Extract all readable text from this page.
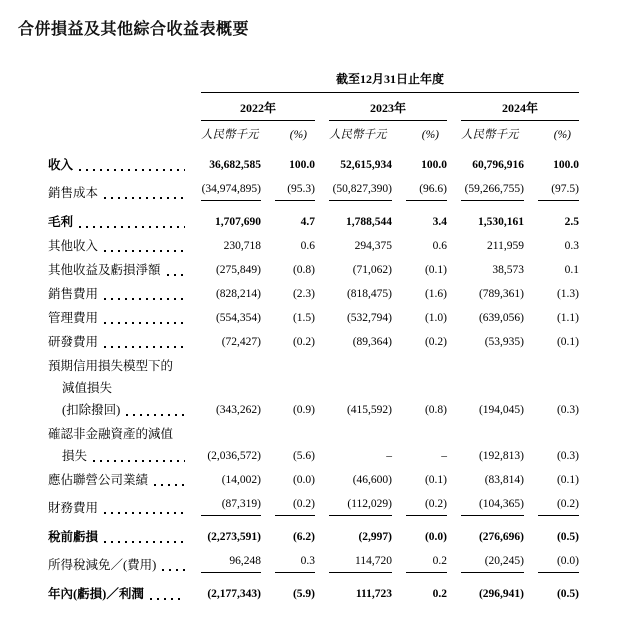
合併損益及其他綜合收益表概要
截至12月31日止年度
2022年	2023年	2024年
人民幣千元	(%)	人民幣千元	(%)	人民幣千元	(%)
收入	36,682,585	100.0	52,615,934	100.0	60,796,916	100.0
銷售成本	(34,974,895)	(95.3)	(50,827,390)	(96.6)	(59,266,755)	(97.5)
毛利	1,707,690	4.7	1,788,544	3.4	1,530,161	2.5
其他收入	230,718	0.6	294,375	0.6	211,959	0.3
其他收益及虧損淨額	(275,849)	(0.8)	(71,062)	(0.1)	38,573	0.1
銷售費用	(828,214)	(2.3)	(818,475)	(1.6)	(789,361)	(1.3)
管理費用	(554,354)	(1.5)	(532,794)	(1.0)	(639,056)	(1.1)
研發費用	(72,427)	(0.2)	(89,364)	(0.2)	(53,935)	(0.1)
預期信用損失模型下的
減值損失
(扣除撥回)	(343,262)	(0.9)	(415,592)	(0.8)	(194,045)	(0.3)
確認非金融資產的減值
損失	(2,036,572)	(5.6)	–	–	(192,813)	(0.3)
應佔聯營公司業績	(14,002)	(0.0)	(46,600)	(0.1)	(83,814)	(0.1)
財務費用	(87,319)	(0.2)	(112,029)	(0.2)	(104,365)	(0.2)
稅前虧損	(2,273,591)	(6.2)	(2,997)	(0.0)	(276,696)	(0.5)
所得稅減免／(費用)	96,248	0.3	114,720	0.2	(20,245)	(0.0)
年內(虧損)／利潤	(2,177,343)	(5.9)	111,723	0.2	(296,941)	(0.5)
